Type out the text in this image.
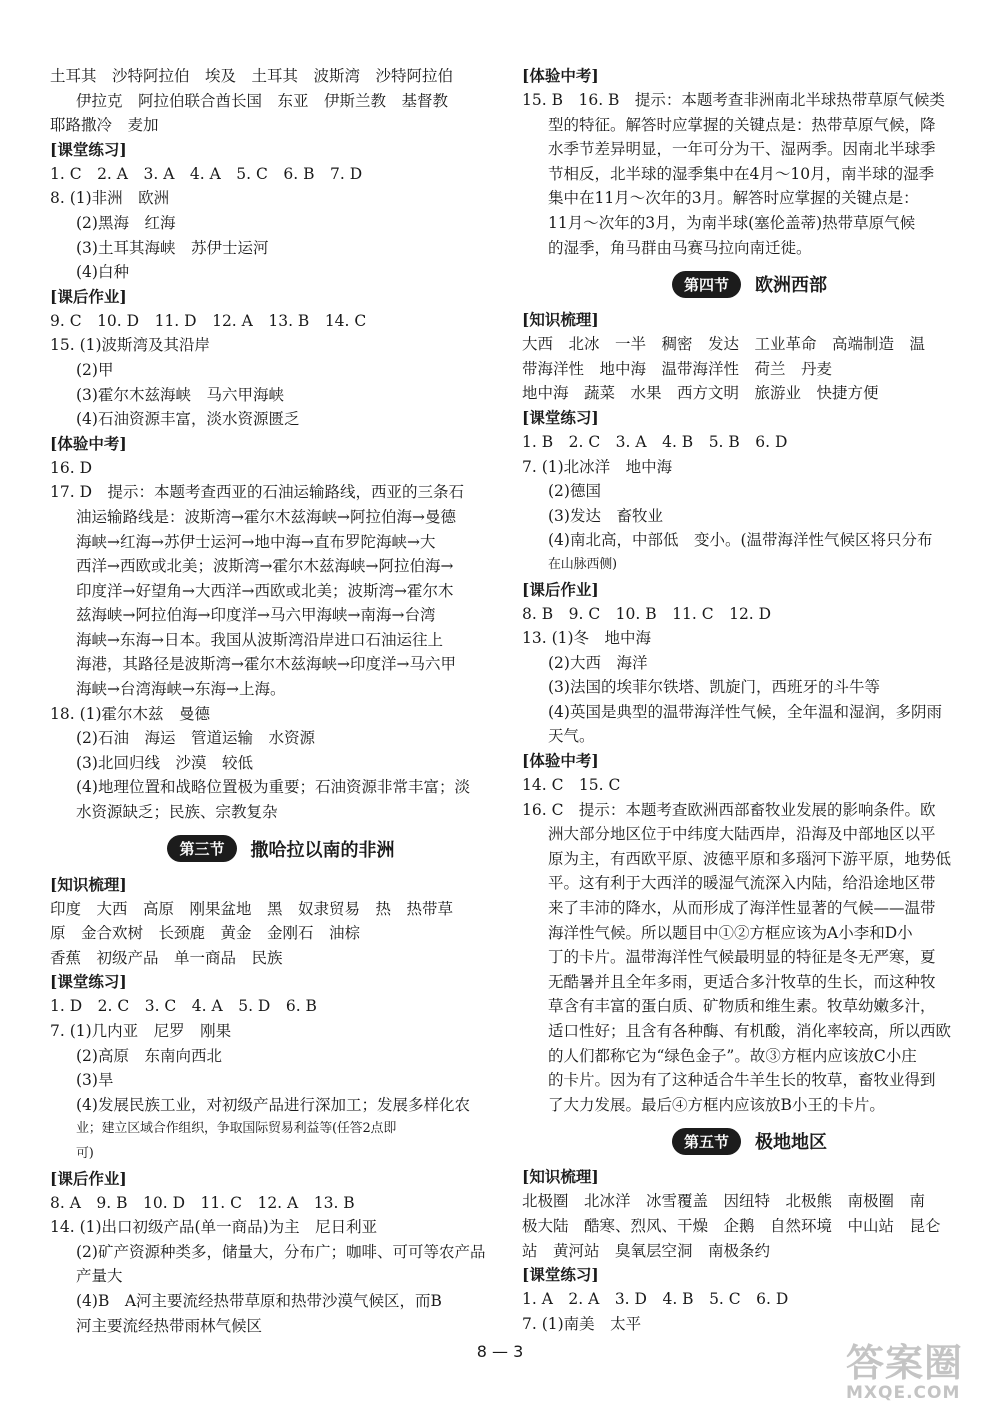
土耳其　沙特阿拉伯　埃及　土耳其　波斯湾　沙特阿拉伯
伊拉克　阿拉伯联合酋长国　东亚　伊斯兰教　基督教
耶路撒冷　麦加
[课堂练习]
1. C　2. A　3. A　4. A　5. C　6. B　7. D
8. (1)非洲　欧洲
(2)黑海　红海
(3)土耳其海峡　苏伊士运河
(4)白种
[课后作业]
9. C　10. D　11. D　12. A　13. B　14. C
15. (1)波斯湾及其沿岸
(2)甲
(3)霍尔木兹海峡　马六甲海峡
(4)石油资源丰富，淡水资源匮乏
[体验中考]
16. D
17. D　提示：本题考查西亚的石油运输路线，西亚的三条石
油运输路线是：波斯湾→霍尔木兹海峡→阿拉伯海→曼德
海峡→红海→苏伊士运河→地中海→直布罗陀海峡→大
西洋→西欧或北美；波斯湾→霍尔木兹海峡→阿拉伯海→
印度洋→好望角→大西洋→西欧或北美；波斯湾→霍尔木
兹海峡→阿拉伯海→印度洋→马六甲海峡→南海→台湾
海峡→东海→日本。我国从波斯湾沿岸进口石油运往上
海港，其路径是波斯湾→霍尔木兹海峡→印度洋→马六甲
海峡→台湾海峡→东海→上海。
18. (1)霍尔木兹　曼德
(2)石油　海运　管道运输　水资源
(3)北回归线　沙漠　较低
(4)地理位置和战略位置极为重要；石油资源非常丰富；淡
水资源缺乏；民族、宗教复杂
第三节	撒哈拉以南的非洲
[知识梳理]
印度　大西　高原　刚果盆地　黑　奴隶贸易　热　热带草
原　金合欢树　长颈鹿　黄金　金刚石　油棕
香蕉　初级产品　单一商品　民族
[课堂练习]
1. D　2. C　3. C　4. A　5. D　6. B
7. (1)几内亚　尼罗　刚果
(2)高原　东南向西北
(3)旱
(4)发展民族工业，对初级产品进行深加工；发展多样化农
业；建立区域合作组织，争取国际贸易利益等(任答2点即
可)
[课后作业]
8. A　9. B　10. D　11. C　12. A　13. B
14. (1)出口初级产品(单一商品)为主　尼日利亚
(2)矿产资源种类多，储量大，分布广；咖啡、可可等农产品
产量大
(4)B　A河主要流经热带草原和热带沙漠气候区，而B
河主要流经热带雨林气候区
[体验中考]
15. B　16. B　提示：本题考查非洲南北半球热带草原气候类
型的特征。解答时应掌握的关键点是：热带草原气候，降
水季节差异明显，一年可分为干、湿两季。因南北半球季
节相反，北半球的湿季集中在4月～10月，南半球的湿季
集中在11月～次年的3月。解答时应掌握的关键点是：
11月～次年的3月，为南半球(塞伦盖蒂)热带草原气候
的湿季，角马群由马赛马拉向南迁徙。
第四节	欧洲西部
[知识梳理]
大西　北冰　一半　稠密　发达　工业革命　高端制造　温
带海洋性　地中海　温带海洋性　荷兰　丹麦
地中海　蔬菜　水果　西方文明　旅游业　快捷方便
[课堂练习]
1. B　2. C　3. A　4. B　5. B　6. D
7. (1)北冰洋　地中海
(2)德国
(3)发达　畜牧业
(4)南北高，中部低　变小。(温带海洋性气候区将只分布
在山脉西侧)
[课后作业]
8. B　9. C　10. B　11. C　12. D
13. (1)冬　地中海
(2)大西　海洋
(3)法国的埃菲尔铁塔、凯旋门，西班牙的斗牛等
(4)英国是典型的温带海洋性气候，全年温和湿润，多阴雨
天气。
[体验中考]
14. C　15. C
16. C　提示：本题考查欧洲西部畜牧业发展的影响条件。欧
洲大部分地区位于中纬度大陆西岸，沿海及中部地区以平
原为主，有西欧平原、波德平原和多瑙河下游平原，地势低
平。这有利于大西洋的暖湿气流深入内陆，给沿途地区带
来了丰沛的降水，从而形成了海洋性显著的气候——温带
海洋性气候。所以题目中①②方框应该为A小李和D小
丁的卡片。温带海洋性气候最明显的特征是冬无严寒，夏
无酷暑并且全年多雨，更适合多汁牧草的生长，而这种牧
草含有丰富的蛋白质、矿物质和维生素。牧草幼嫩多汁，
适口性好；且含有各种酶、有机酸，消化率较高，所以西欧
的人们都称它为“绿色金子”。故③方框内应该放C小庄
的卡片。因为有了这种适合牛羊生长的牧草，畜牧业得到
了大力发展。最后④方框内应该放B小王的卡片。
第五节	极地地区
[知识梳理]
北极圈　北冰洋　冰雪覆盖　因纽特　北极熊　南极圈　南
极大陆　酷寒、烈风、干燥　企鹅　自然环境　中山站　昆仑
站　黄河站　臭氧层空洞　南极条约
[课堂练习]
1. A　2. A　3. D　4. B　5. C　6. D
7. (1)南美　太平
8 — 3	答案圈
MXQE.COM
